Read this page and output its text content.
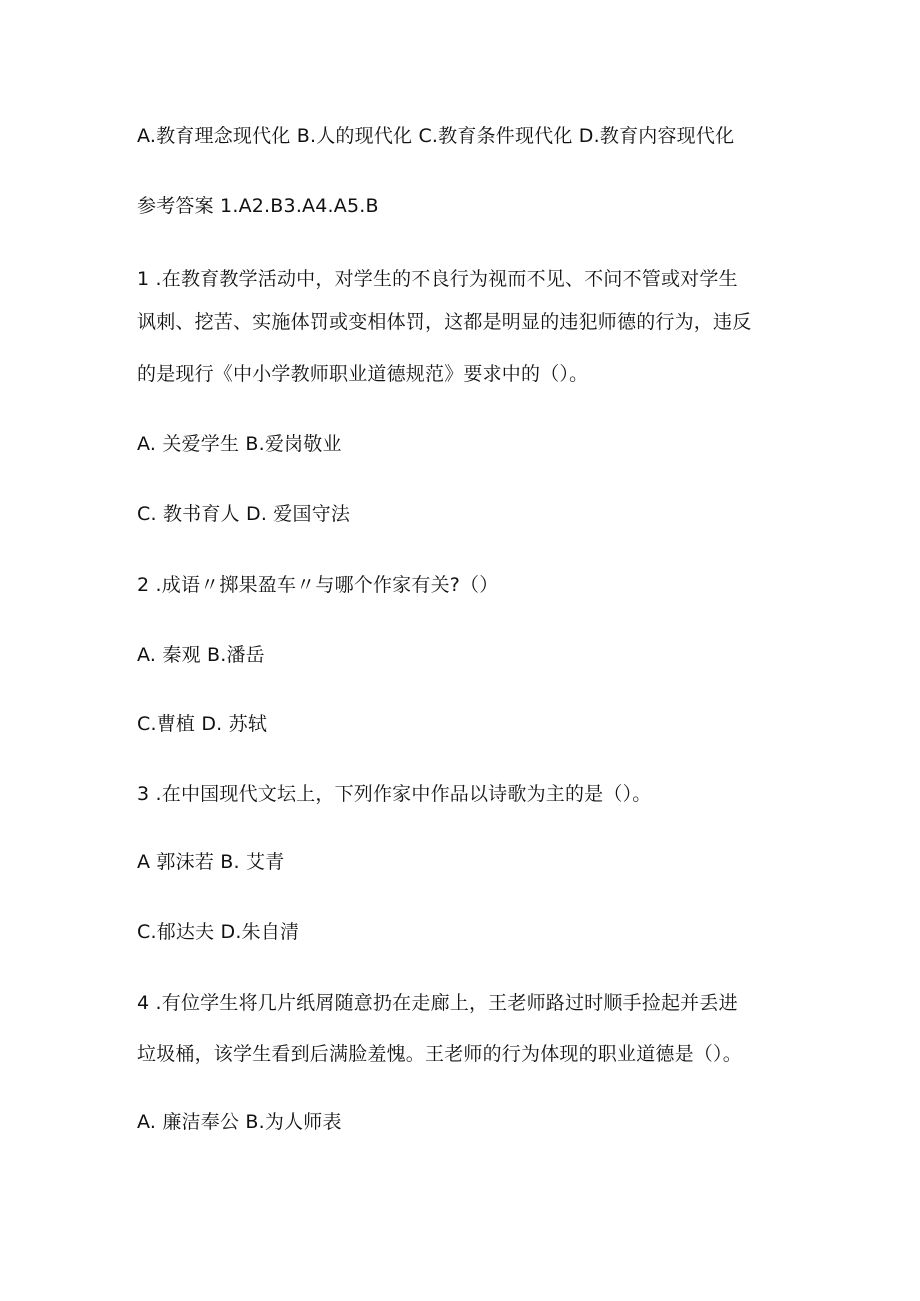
A.教育理念现代化 B.人的现代化 C.教育条件现代化 D.教育内容现代化
参考答案 1.A2.B3.A4.A5.B
1 .在教育教学活动中，对学生的不良行为视而不见、不问不管或对学生
讽刺、挖苦、实施体罚或变相体罚，这都是明显的违犯师德的行为，违反
的是现行《中小学教师职业道德规范》要求中的（）。
A. 关爱学生 B.爱岗敬业
C. 教书育人 D. 爱国守法
2 .成语〃掷果盈车〃与哪个作家有关?（）
A. 秦观 B.潘岳
C.曹植 D. 苏轼
3 .在中国现代文坛上，下列作家中作品以诗歌为主的是（）。
A 郭沫若 B. 艾青
C.郁达夫 D.朱自清
4 .有位学生将几片纸屑随意扔在走廊上，王老师路过时顺手捡起并丢进
垃圾桶，该学生看到后满脸羞愧。王老师的行为体现的职业道德是（）。
A. 廉洁奉公 B.为人师表
